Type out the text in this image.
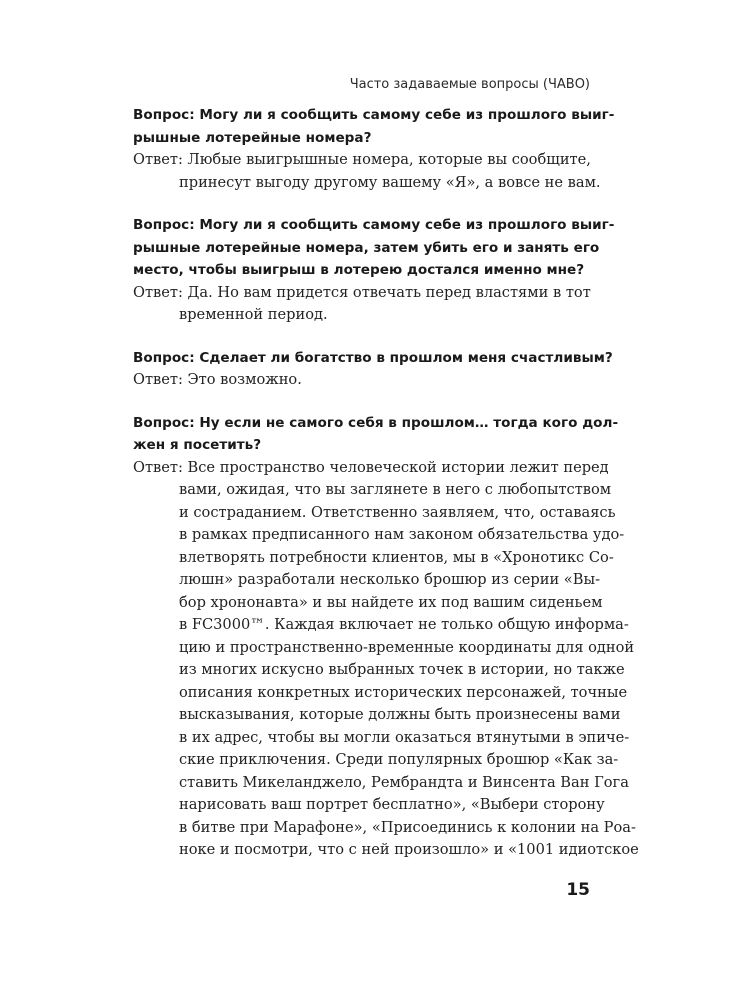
Часто задаваемые вопросы (ЧАВО)
Вопрос: Могу ли я сообщить самому себе из прошлого выиг-
рышные лотерейные номера?
Ответ: Любые выигрышные номера, которые вы сообщите,
принесут выгоду другому вашему «Я», а вовсе не вам.
Вопрос: Могу ли я сообщить самому себе из прошлого выиг-
рышные лотерейные номера, затем убить его и занять его
место, чтобы выигрыш в лотерею достался именно мне?
Ответ: Да. Но вам придется отвечать перед властями в тот
временной период.
Вопрос: Сделает ли богатство в прошлом меня счастливым?
Ответ: Это возможно.
Вопрос: Ну если не самого себя в прошлом… тогда кого дол-
жен я посетить?
Ответ: Все пространство человеческой истории лежит перед
вами, ожидая, что вы заглянете в него с любопытством
и состраданием. Ответственно заявляем, что, оставаясь
в рамках предписанного нам законом обязательства удо-
влетворять потребности клиентов, мы в «Хронотикс Со-
люшн» разработали несколько брошюр из серии «Вы-
бор хрононавта» и вы найдете их под вашим сиденьем
в FC3000™. Каждая включает не только общую информа-
цию и пространственно-временные координаты для одной
из многих искусно выбранных точек в истории, но также
описания конкретных исторических персонажей, точные
высказывания, которые должны быть произнесены вами
в их адрес, чтобы вы могли оказаться втянутыми в эпиче-
ские приключения. Среди популярных брошюр «Как за-
ставить Микеланджело, Рембрандта и Винсента Ван Гога
нарисовать ваш портрет бесплатно», «Выбери сторону
в битве при Марафоне», «Присоединись к колонии на Роа-
ноке и посмотри, что с ней произошло» и «1001 идиотское
15
